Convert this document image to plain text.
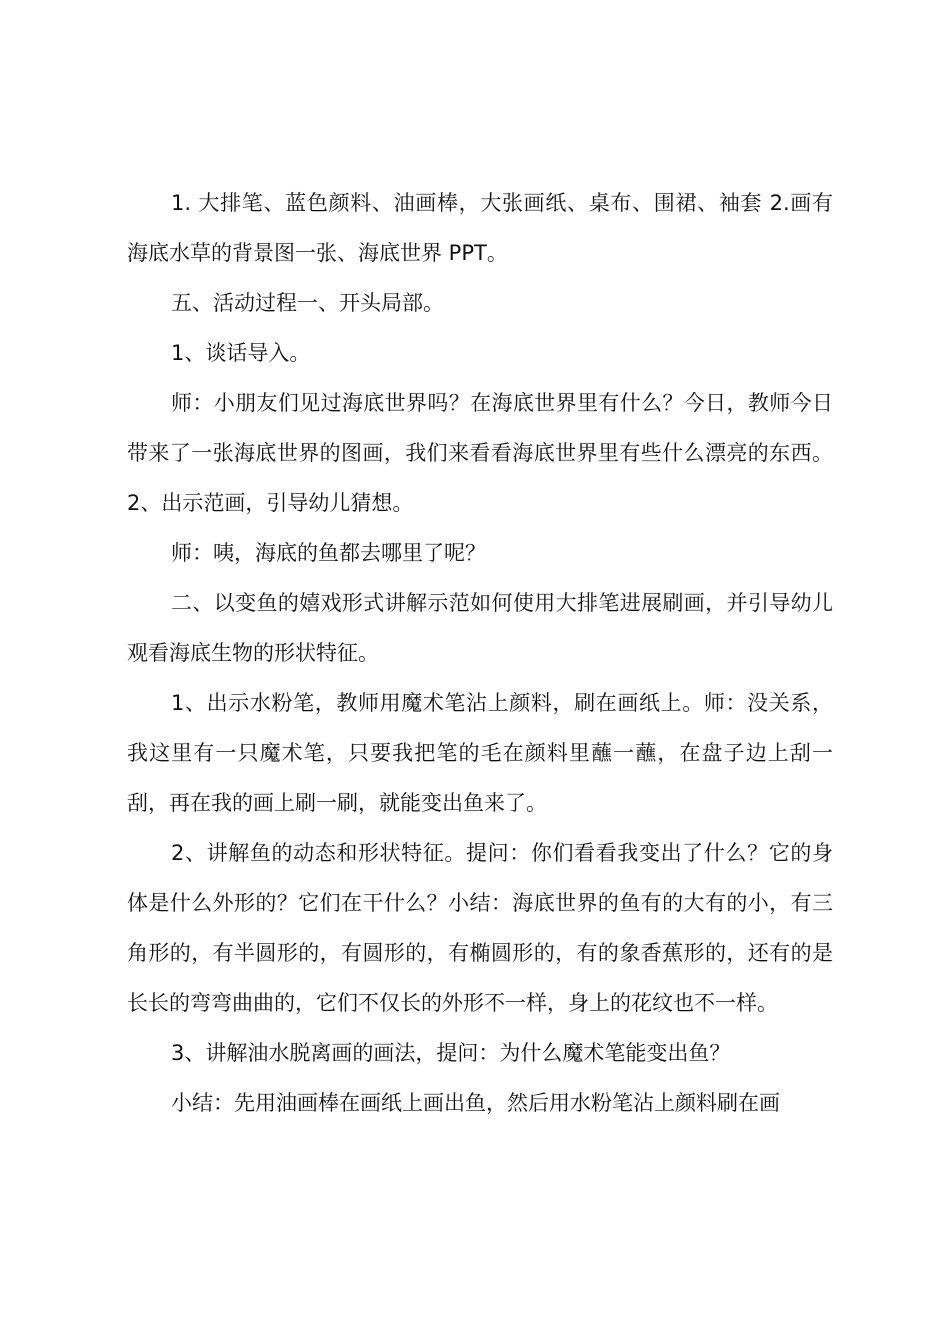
1. 大排笔、蓝色颜料、油画棒，大张画纸、桌布、围裙、袖套 2.画有海底水草的背景图一张、海底世界 PPT。

五、活动过程一、开头局部。

1、谈话导入。

师：小朋友们见过海底世界吗？在海底世界里有什么？今日，教师今日带来了一张海底世界的图画，我们来看看海底世界里有些什么漂亮的东西。2、出示范画，引导幼儿猜想。

师：咦，海底的鱼都去哪里了呢？

二、以变鱼的嬉戏形式讲解示范如何使用大排笔进展刷画，并引导幼儿观看海底生物的形状特征。

1、出示水粉笔，教师用魔术笔沾上颜料，刷在画纸上。师：没关系，我这里有一只魔术笔，只要我把笔的毛在颜料里蘸一蘸，在盘子边上刮一刮，再在我的画上刷一刷，就能变出鱼来了。

2、讲解鱼的动态和形状特征。提问：你们看看我变出了什么？它的身体是什么外形的？它们在干什么？小结：海底世界的鱼有的大有的小，有三角形的，有半圆形的，有圆形的，有椭圆形的，有的象香蕉形的，还有的是长长的弯弯曲曲的，它们不仅长的外形不一样，身上的花纹也不一样。

3、讲解油水脱离画的画法，提问：为什么魔术笔能变出鱼？

小结：先用油画棒在画纸上画出鱼，然后用水粉笔沾上颜料刷在画
